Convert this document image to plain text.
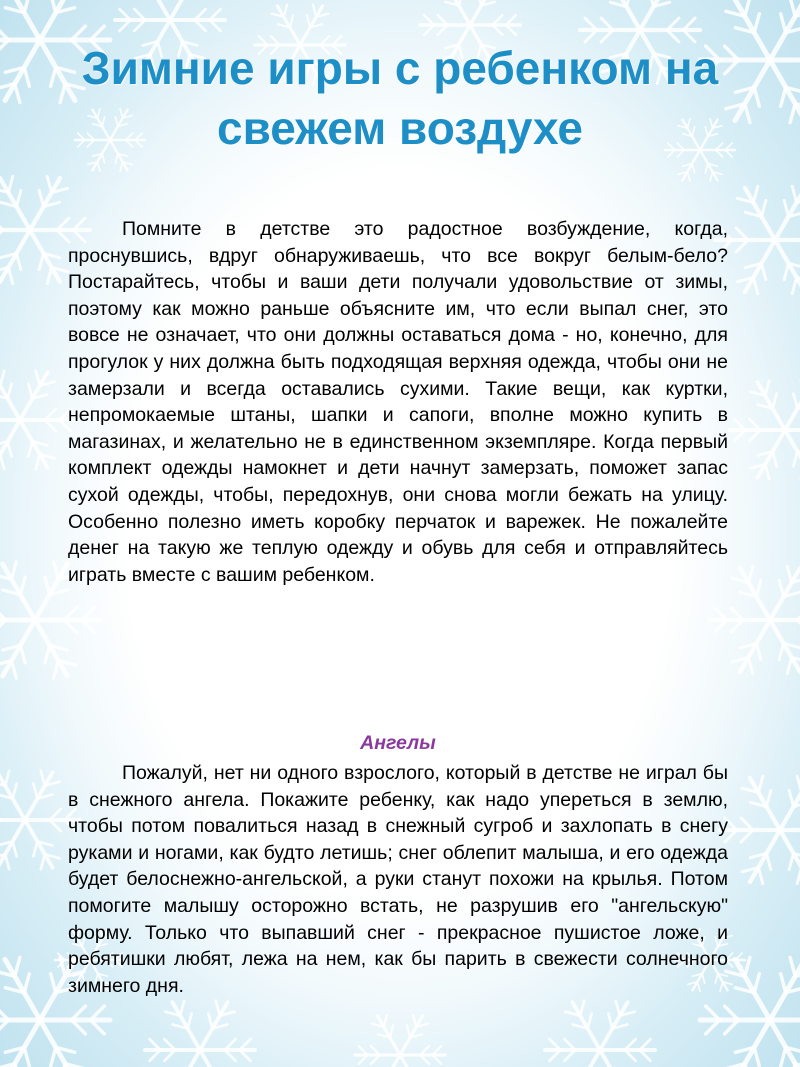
Зимние игры с ребенком на свежем воздухе

Помните в детстве это радостное возбуждение, когда, проснувшись, вдруг обнаруживаешь, что все вокруг белым-бело? Постарайтесь, чтобы и ваши дети получали удовольствие от зимы, поэтому как можно раньше объясните им, что если выпал снег, это вовсе не означает, что они должны оставаться дома - но, конечно, для прогулок у них должна быть подходящая верхняя одежда, чтобы они не замерзали и всегда оставались сухими. Такие вещи, как куртки, непромокаемые штаны, шапки и сапоги, вполне можно купить в магазинах, и желательно не в единственном экземпляре. Когда первый комплект одежды намокнет и дети начнут замерзать, поможет запас сухой одежды, чтобы, передохнув, они снова могли бежать на улицу. Особенно полезно иметь коробку перчаток и варежек. Не пожалейте денег на такую же теплую одежду и обувь для себя и отправляйтесь играть вместе с вашим ребенком.

Ангелы

Пожалуй, нет ни одного взрослого, который в детстве не играл бы в снежного ангела. Покажите ребенку, как надо упереться в землю, чтобы потом повалиться назад в снежный сугроб и захлопать в снегу руками и ногами, как будто летишь; снег облепит малыша, и его одежда будет белоснежно-ангельской, а руки станут похожи на крылья. Потом помогите малышу осторожно встать, не разрушив его "ангельскую" форму. Только что выпавший снег - прекрасное пушистое ложе, и ребятишки любят, лежа на нем, как бы парить в свежести солнечного зимнего дня.
